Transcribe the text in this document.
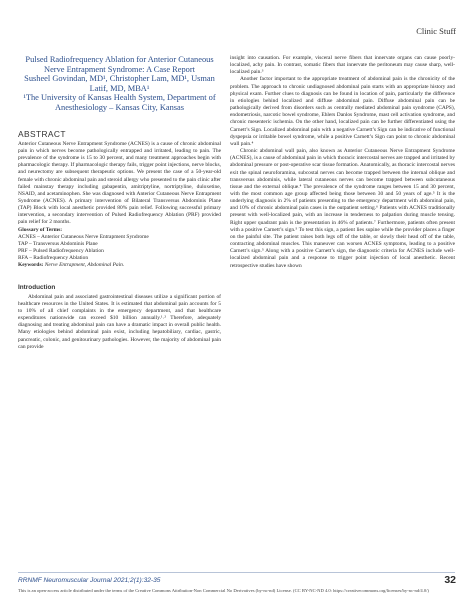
Clinic Stuff

Pulsed Radiofrequency Ablation for Anterior Cutaneous Nerve Entrapment Syndrome: A Case Report

Susheel Govindan, MD¹, Christopher Lam, MD¹, Usman Latif, MD, MBA¹

¹The University of Kansas Health System, Department of Anesthesiology – Kansas City, Kansas

ABSTRACT

Anterior Cutaneous Nerve Entrapment Syndrome (ACNES) is a cause of chronic abdominal pain in which nerves become pathologically entrapped and irritated, leading to pain. The prevalence of the syndrome is 15 to 30 percent, and many treatment approaches begin with pharmacologic therapy. If pharmacologic therapy fails, trigger point injections, nerve blocks, and neurectomy are subsequent therapeutic options. We present the case of a 50-year-old female with chronic abdominal pain and steroid allergy who presented to the pain clinic after failed mainstay therapy including gabapentin, amitriptyline, nortriptyline, duloxetine, NSAID, and acetaminophen. She was diagnosed with Anterior Cutaneous Nerve Entrapment Syndrome (ACNES). A primary intervention of Bilateral Transversus Abdominis Plane (TAP) Block with local anesthetic provided 80% pain relief. Following successful primary intervention, a secondary intervention of Pulsed Radiofrequency Ablation (PRF) provided pain relief for 2 months.

Glossary of Terms:

ACNES – Anterior Cutaneous Nerve Entrapment Syndrome

TAP – Transversus Abdominis Plane

PRF – Pulsed Radiofrequency Ablation

RFA – Radiofrequency Ablation

Keywords: Nerve Entrapment, Abdominal Pain.

Introduction

Abdominal pain and associated gastrointestinal diseases utilize a significant portion of healthcare resources in the United States. It is estimated that abdominal pain accounts for 5 to 10% of all chief complaints in the emergency department, and that healthcare expenditures nationwide can exceed $10 billion annually.¹˒² Therefore, adequately diagnosing and treating abdominal pain can have a dramatic impact in overall public health. Many etiologies behind abdominal pain exist, including hepatobiliary, cardiac, gastric, pancreatic, colonic, and genitourinary pathologies. However, the majority of abdominal pain can provide

insight into causation. For example, visceral nerve fibers that innervate organs can cause poorly-localized, achy pain. In contrast, somatic fibers that innervate the peritoneum may cause sharp, well-localized pain.³

Another factor important to the appropriate treatment of abdominal pain is the chronicity of the problem. The approach to chronic undiagnosed abdominal pain starts with an appropriate history and physical exam. Further clues to diagnosis can be found in location of pain, particularly the difference in etiologies behind localized and diffuse abdominal pain. Diffuse abdominal pain can be pathologically derived from disorders such as centrally mediated abdominal pain syndrome (CAPS), endometriosis, narcotic bowel syndrome, Ehlers Danlos Syndrome, mast cell activation syndrome, and chronic mesenteric ischemia. On the other hand, localized pain can be further differentiated using the Carnett’s Sign. Localized abdominal pain with a negative Carnett’s Sign can be indicative of functional dyspepsia or irritable bowel syndrome, while a positive Carnett’s Sign can point to chronic abdominal wall pain.⁴

Chronic abdominal wall pain, also known as Anterior Cutaneous Nerve Entrapment Syndrome (ACNES), is a cause of abdominal pain in which thoracic intercostal nerves are trapped and irritated by abdominal pressure or post-operative scar tissue formation. Anatomically, as thoracic intercostal nerves exit the spinal neuroforamina, subcostal nerves can become trapped between the internal oblique and transversus abdominis, while lateral cutaneous nerves can become trapped between subcutaneous tissue and the external oblique.⁴ The prevalence of the syndrome ranges between 15 and 30 percent, with the most common age group affected being those between 30 and 50 years of age.⁵ It is the underlying diagnosis in 2% of patients presenting to the emergency department with abdominal pain, and 10% of chronic abdominal pain cases in the outpatient setting.⁶ Patients with ACNES traditionally present with well-localized pain, with an increase in tenderness to palpation during muscle tensing. Right upper quadrant pain is the presentation in 46% of patients.⁷ Furthermore, patients often present with a positive Carnett’s sign.⁵ To test this sign, a patient lies supine while the provider places a finger on the painful site. The patient raises both legs off of the table, or slowly their head off of the table, contracting abdominal muscles. This maneuver can worsen ACNES symptoms, leading to a positive Carnett’s sign.⁵ Along with a positive Carnett’s sign, the diagnostic criteria for ACNES include well-localized abdominal pain and a response to trigger point injection of local anesthetic. Recent retrospective studies have shown

RRNMF Neuromuscular Journal 2021;2(1):32-35	32
This is an open-access article distributed under the terms of the Creative Commons Attribution-Non Commercial No Derivatives (by-nc-nd) License. (CC BY-NC-ND 4.0: https://creativecommons.org/licenses/by-nc-nd/4.0/)
